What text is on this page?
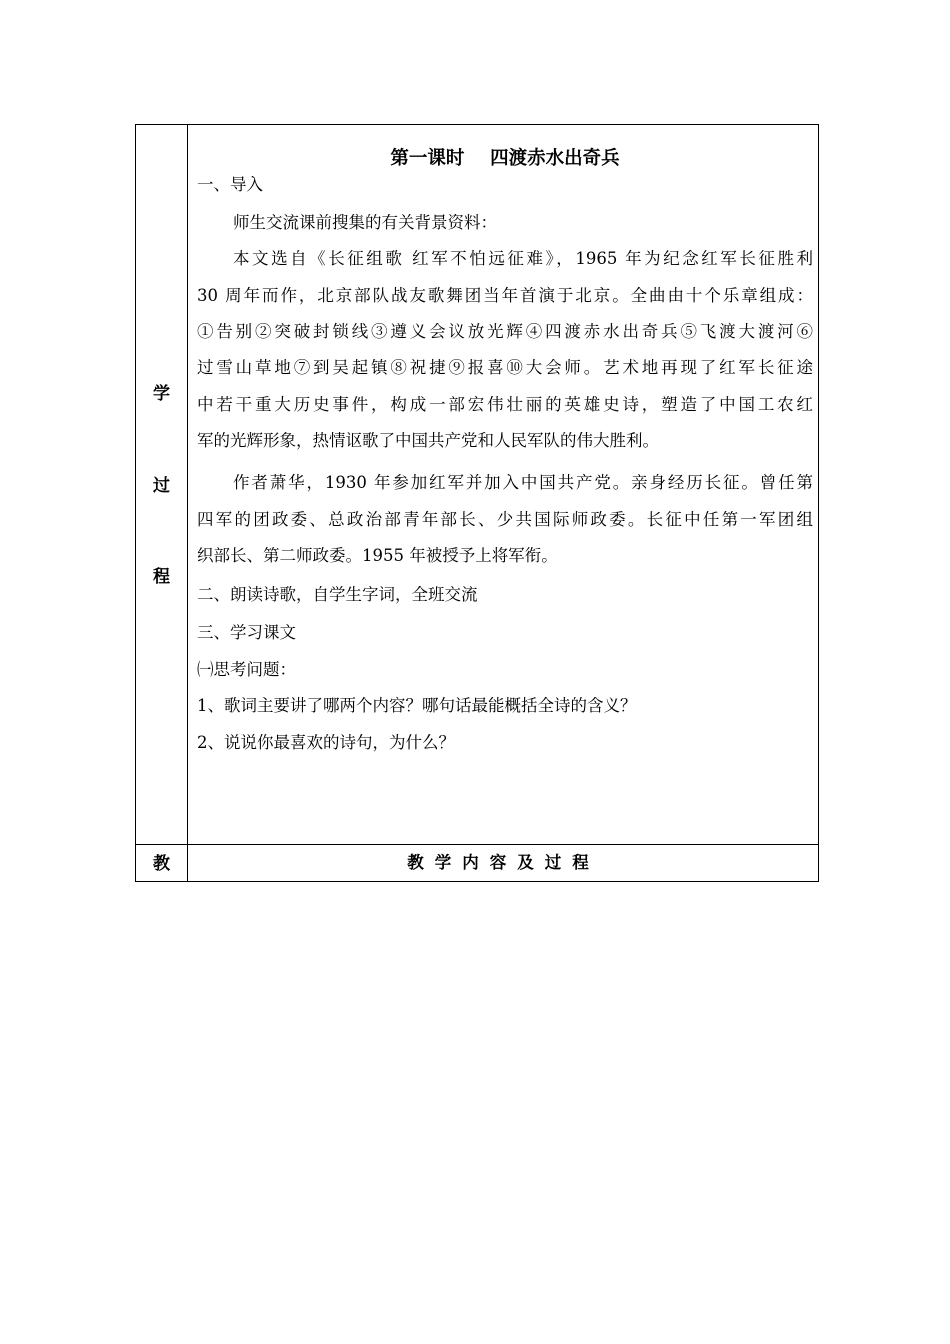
学
过
程
教
第一课时    四渡赤水出奇兵
一、导入
师生交流课前搜集的有关背景资料：
本文选自《长征组歌 红军不怕远征难》，1965 年为纪念红军长征胜利
30 周年而作，北京部队战友歌舞团当年首演于北京。全曲由十个乐章组成：
①告别②突破封锁线③遵义会议放光辉④四渡赤水出奇兵⑤飞渡大渡河⑥
过雪山草地⑦到吴起镇⑧祝捷⑨报喜⑩大会师。艺术地再现了红军长征途
中若干重大历史事件，构成一部宏伟壮丽的英雄史诗，塑造了中国工农红
军的光辉形象，热情讴歌了中国共产党和人民军队的伟大胜利。
作者萧华，1930 年参加红军并加入中国共产党。亲身经历长征。曾任第
四军的团政委、总政治部青年部长、少共国际师政委。长征中任第一军团组
织部长、第二师政委。1955 年被授予上将军衔。
二、朗读诗歌，自学生字词，全班交流
三、学习课文
㈠思考问题：
1、歌词主要讲了哪两个内容？哪句话最能概括全诗的含义？
2、说说你最喜欢的诗句，为什么？
教学内容及过程
